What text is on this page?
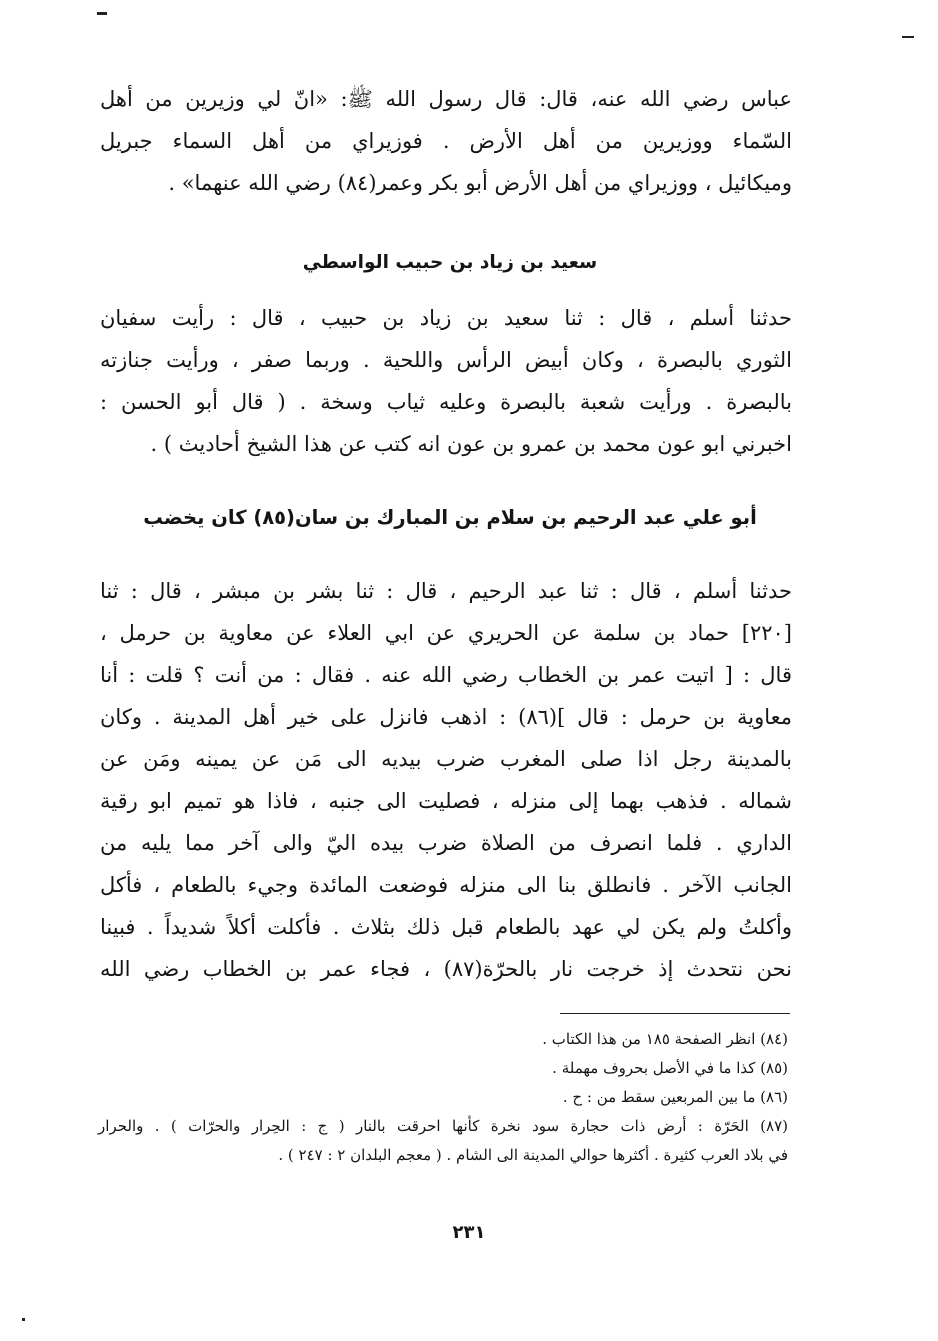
عباس رضي الله عنه، قال: قال رسول الله ﷺ: «انّ لي وزيرين من أهل
السّماء ووزيرين من أهل الأرض . فوزيراي من أهل السماء جبريل
وميكائيل ، ووزيراي من أهل الأرض أبو بكر وعمر(٨٤) رضي الله عنهما» .
سعيد بن زياد بن حبيب الواسطي
حدثنا أسلم ، قال : ثنا سعيد بن زياد بن حبيب ، قال : رأيت سفيان
الثوري بالبصرة ، وكان أبيض الرأس واللحية . وربما صفر ، ورأيت جنازته
بالبصرة . ورأيت شعبة بالبصرة وعليه ثياب وسخة . ( قال أبو الحسن :
اخبرني ابو عون محمد بن عمرو بن عون انه كتب عن هذا الشيخ أحاديث ) .
أبو علي عبد الرحيم بن سلام بن المبارك بن سان(٨٥) كان يخضب
حدثنا أسلم ، قال : ثنا عبد الرحيم ، قال : ثنا بشر بن مبشر ، قال : ثنا
[٢٢٠] حماد بن سلمة عن الحريري عن ابي العلاء عن معاوية بن حرمل ،
قال : [ اتيت عمر بن الخطاب رضي الله عنه . فقال : من أنت ؟ قلت : أنا
معاوية بن حرمل : قال ](٨٦) : اذهب فانزل على خير أهل المدينة . وكان
بالمدينة رجل اذا صلى المغرب ضرب بيديه الى مَن عن يمينه ومَن عن
شماله . فذهب بهما إلى منزله ، فصليت الى جنبه ، فاذا هو تميم ابو رقية
الداري . فلما انصرف من الصلاة ضرب بيده اليّ والى آخر مما يليه من
الجانب الآخر . فانطلق بنا الى منزله فوضعت المائدة وجيء بالطعام ، فأكل
وأكلتُ ولم يكن لي عهد بالطعام قبل ذلك بثلاث . فأكلت أكلاً شديداً . فبينا
نحن نتحدث إذ خرجت نار بالحرّة(٨٧) ، فجاء عمر بن الخطاب رضي الله
(٨٤) انظر الصفحة ١٨٥ من هذا الكتاب .
(٨٥) كذا ما في الأصل بحروف مهملة .
(٨٦) ما بين المربعين سقط من : ح .
(٨٧) الحَرّة : أرض ذات حجارة سود نخرة كأنها احرقت بالنار ( ج : الحِرار والحرّات ) . والحرار
في بلاد العرب كثيرة . أكثرها حوالي المدينة الى الشام . ( معجم البلدان ٢ : ٢٤٧ ) .
٢٣١
